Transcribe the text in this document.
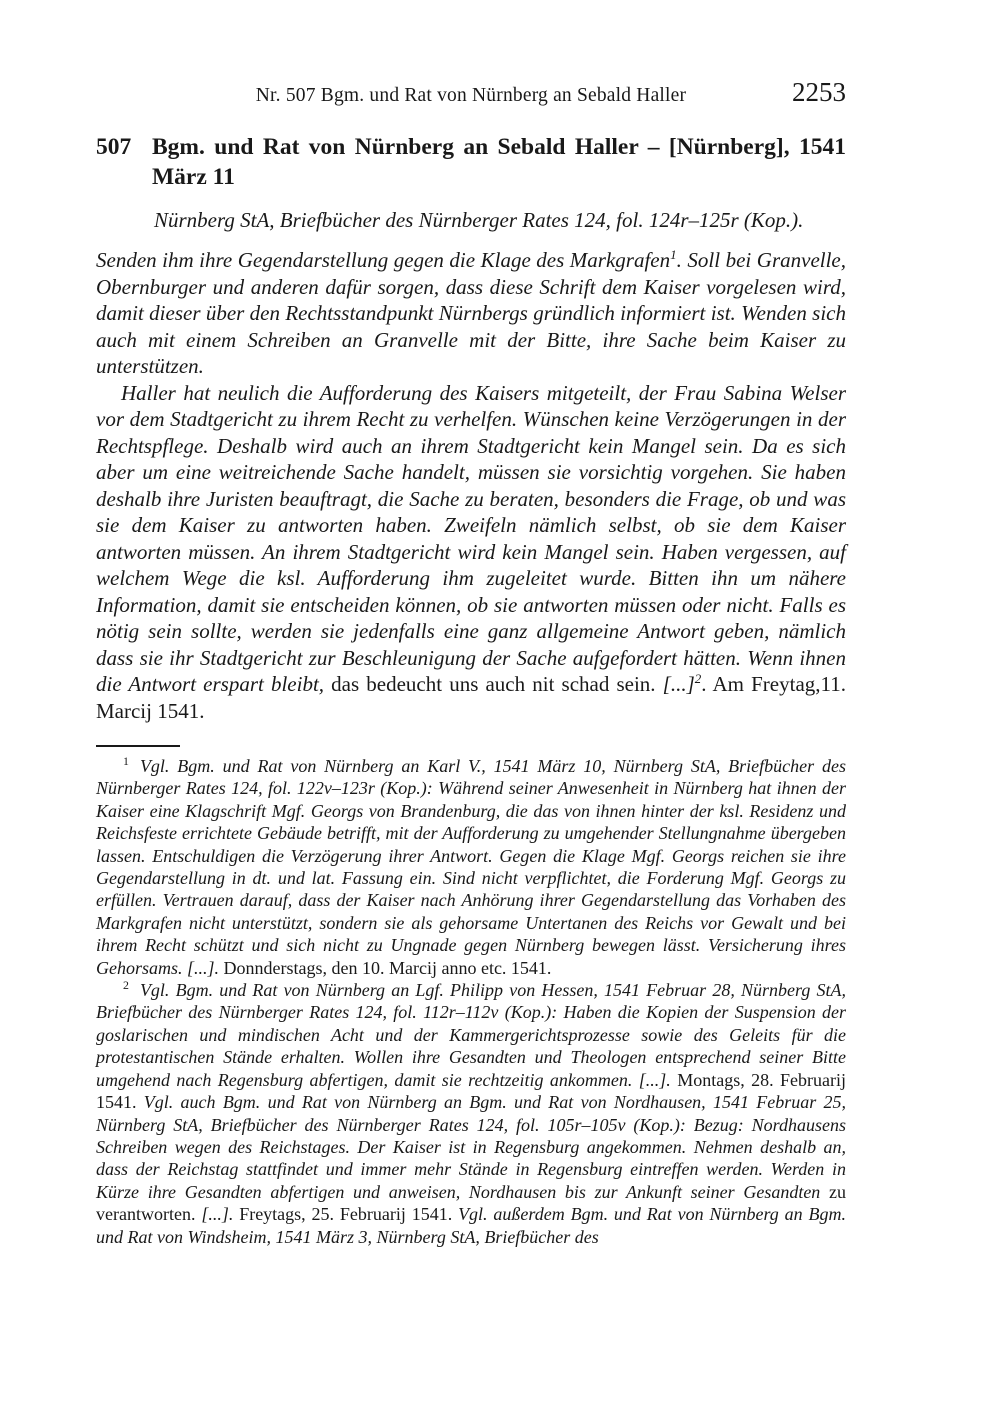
Nr. 507 Bgm. und Rat von Nürnberg an Sebald Haller	2253
507 Bgm. und Rat von Nürnberg an Sebald Haller – [Nürnberg], 1541 März 11

Nürnberg StA, Briefbücher des Nürnberger Rates 124, fol. 124r–125r (Kop.).

Senden ihm ihre Gegendarstellung gegen die Klage des Markgrafen$^1$. Soll bei Granvelle, Obernburger und anderen dafür sorgen, dass diese Schrift dem Kaiser vorgelesen wird, damit dieser über den Rechtsstandpunkt Nürnbergs gründlich informiert ist. Wenden sich auch mit einem Schreiben an Granvelle mit der Bitte, ihre Sache beim Kaiser zu unterstützen.

Haller hat neulich die Aufforderung des Kaisers mitgeteilt, der Frau Sabina Welser vor dem Stadtgericht zu ihrem Recht zu verhelfen. Wünschen keine Verzögerungen in der Rechtspflege. Deshalb wird auch an ihrem Stadtgericht kein Mangel sein. Da es sich aber um eine weitreichende Sache handelt, müssen sie vorsichtig vorgehen. Sie haben deshalb ihre Juristen beauftragt, die Sache zu beraten, besonders die Frage, ob und was sie dem Kaiser zu antworten haben. Zweifeln nämlich selbst, ob sie dem Kaiser antworten müssen. An ihrem Stadtgericht wird kein Mangel sein. Haben vergessen, auf welchem Wege die ksl. Aufforderung ihm zugeleitet wurde. Bitten ihn um nähere Information, damit sie entscheiden können, ob sie antworten müssen oder nicht. Falls es nötig sein sollte, werden sie jedenfalls eine ganz allgemeine Antwort geben, nämlich dass sie ihr Stadtgericht zur Beschleunigung der Sache aufgefordert hätten. Wenn ihnen die Antwort erspart bleibt, das bedeucht uns auch nit schad sein. [...]$^2$. Am Freytag,11. Marcij 1541.

$^1$ Vgl. Bgm. und Rat von Nürnberg an Karl V., 1541 März 10, Nürnberg StA, Briefbücher des Nürnberger Rates 124, fol. 122v–123r (Kop.): Während seiner Anwesenheit in Nürnberg hat ihnen der Kaiser eine Klagschrift Mgf. Georgs von Brandenburg, die das von ihnen hinter der ksl. Residenz und Reichsfeste errichtete Gebäude betrifft, mit der Aufforderung zu umgehender Stellungnahme übergeben lassen. Entschuldigen die Verzögerung ihrer Antwort. Gegen die Klage Mgf. Georgs reichen sie ihre Gegendarstellung in dt. und lat. Fassung ein. Sind nicht verpflichtet, die Forderung Mgf. Georgs zu erfüllen. Vertrauen darauf, dass der Kaiser nach Anhörung ihrer Gegendarstellung das Vorhaben des Markgrafen nicht unterstützt, sondern sie als gehorsame Untertanen des Reichs vor Gewalt und bei ihrem Recht schützt und sich nicht zu Ungnade gegen Nürnberg bewegen lässt. Versicherung ihres Gehorsams. [...]. Donnderstags, den 10. Marcij anno etc. 1541.

$^2$ Vgl. Bgm. und Rat von Nürnberg an Lgf. Philipp von Hessen, 1541 Februar 28, Nürnberg StA, Briefbücher des Nürnberger Rates 124, fol. 112r–112v (Kop.): Haben die Kopien der Suspension der goslarischen und mindischen Acht und der Kammergerichtsprozesse sowie des Geleits für die protestantischen Stände erhalten. Wollen ihre Gesandten und Theologen entsprechend seiner Bitte umgehend nach Regensburg abfertigen, damit sie rechtzeitig ankommen. [...]. Montags, 28. Februarij 1541. Vgl. auch Bgm. und Rat von Nürnberg an Bgm. und Rat von Nordhausen, 1541 Februar 25, Nürnberg StA, Briefbücher des Nürnberger Rates 124, fol. 105r–105v (Kop.): Bezug: Nordhausens Schreiben wegen des Reichstages. Der Kaiser ist in Regensburg angekommen. Nehmen deshalb an, dass der Reichstag stattfindet und immer mehr Stände in Regensburg eintreffen werden. Werden in Kürze ihre Gesandten abfertigen und anweisen, Nordhausen bis zur Ankunft seiner Gesandten zu verantworten. [...]. Freytags, 25. Februarij 1541. Vgl. außerdem Bgm. und Rat von Nürnberg an Bgm. und Rat von Windsheim, 1541 März 3, Nürnberg StA, Briefbücher des
